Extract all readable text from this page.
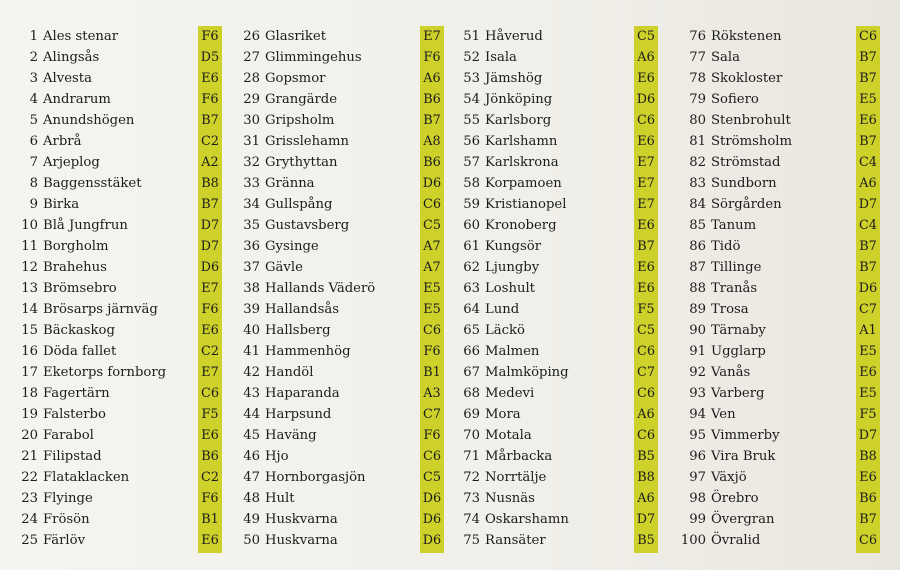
1 Ales stenar	F6
2 Alingsås	D5
3 Alvesta	E6
4 Andrarum	F6
5 Anundshögen	B7
6 Arbrå	C2
7 Arjeplog	A2
8 Baggensstäket	B8
9 Birka	B7
10 Blå Jungfrun	D7
11 Borgholm	D7
12 Brahehus	D6
13 Brömsebro	E7
14 Brösarps järnväg	F6
15 Bäckaskog	E6
16 Döda fallet	C2
17 Eketorps fornborg	E7
18 Fagertärn	C6
19 Falsterbo	F5
20 Farabol	E6
21 Filipstad	B6
22 Flataklacken	C2
23 Flyinge	F6
24 Frösön	B1
25 Färlöv	E6
26 Glasriket	E7
27 Glimmingehus	F6
28 Gopsmor	A6
29 Grangärde	B6
30 Gripsholm	B7
31 Grisslehamn	A8
32 Grythyttan	B6
33 Gränna	D6
34 Gullspång	C6
35 Gustavsberg	C5
36 Gysinge	A7
37 Gävle	A7
38 Hallands Väderö	E5
39 Hallandsås	E5
40 Hallsberg	C6
41 Hammenhög	F6
42 Handöl	B1
43 Haparanda	A3
44 Harpsund	C7
45 Haväng	F6
46 Hjo	C6
47 Hornborgasjön	C5
48 Hult	D6
49 Huskvarna	D6
50 Huskvarna	D6
51 Håverud	C5
52 Isala	A6
53 Jämshög	E6
54 Jönköping	D6
55 Karlsborg	C6
56 Karlshamn	E6
57 Karlskrona	E7
58 Korpamoen	E7
59 Kristianopel	E7
60 Kronoberg	E6
61 Kungsör	B7
62 Ljungby	E6
63 Loshult	E6
64 Lund	F5
65 Läckö	C5
66 Malmen	C6
67 Malmköping	C7
68 Medevi	C6
69 Mora	A6
70 Motala	C6
71 Mårbacka	B5
72 Norrtälje	B8
73 Nusnäs	A6
74 Oskarshamn	D7
75 Ransäter	B5
76 Rökstenen	C6
77 Sala	B7
78 Skokloster	B7
79 Sofiero	E5
80 Stenbrohult	E6
81 Strömsholm	B7
82 Strömstad	C4
83 Sundborn	A6
84 Sörgården	D7
85 Tanum	C4
86 Tidö	B7
87 Tillinge	B7
88 Tranås	D6
89 Trosa	C7
90 Tärnaby	A1
91 Ugglarp	E5
92 Vanås	E6
93 Varberg	E5
94 Ven	F5
95 Vimmerby	D7
96 Vira Bruk	B8
97 Växjö	E6
98 Örebro	B6
99 Övergran	B7
100 Övralid	C6
